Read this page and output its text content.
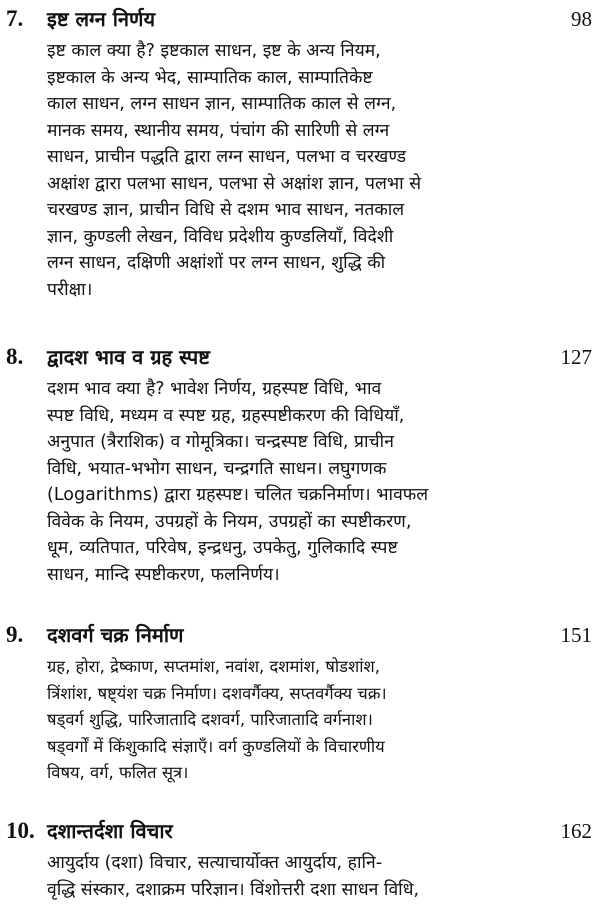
7. इष्ट लग्न निर्णय	98
इष्ट काल क्या है? इष्टकाल साधन, इष्ट के अन्य नियम,
इष्टकाल के अन्य भेद, साम्पातिक काल, साम्पातिकेष्ट
काल साधन, लग्न साधन ज्ञान, साम्पातिक काल से लग्न,
मानक समय, स्थानीय समय, पंचांग की सारिणी से लग्न
साधन, प्राचीन पद्धति द्वारा लग्न साधन, पलभा व चरखण्ड
अक्षांश द्वारा पलभा साधन, पलभा से अक्षांश ज्ञान, पलभा से
चरखण्ड ज्ञान, प्राचीन विधि से दशम भाव साधन, नतकाल
ज्ञान, कुण्डली लेखन, विविध प्रदेशीय कुण्डलियाँ, विदेशी
लग्न साधन, दक्षिणी अक्षांशों पर लग्न साधन, शुद्धि की
परीक्षा।
8. द्वादश भाव व ग्रह स्पष्ट	127
दशम भाव क्या है? भावेश निर्णय, ग्रहस्पष्ट विधि, भाव
स्पष्ट विधि, मध्यम व स्पष्ट ग्रह, ग्रहस्पष्टीकरण की विधियाँ,
अनुपात (त्रैराशिक) व गोमूत्रिका। चन्द्रस्पष्ट विधि, प्राचीन
विधि, भयात-भभोग साधन, चन्द्रगति साधन। लघुगणक
(Logarithms) द्वारा ग्रहस्पष्ट। चलित चक्रनिर्माण। भावफल
विवेक के नियम, उपग्रहों के नियम, उपग्रहों का स्पष्टीकरण,
धूम, व्यतिपात, परिवेष, इन्द्रधनु, उपकेतु, गुलिकादि स्पष्ट
साधन, मान्दि स्पष्टीकरण, फलनिर्णय।
9. दशवर्ग चक्र निर्माण	151
ग्रह, होरा, द्रेष्काण, सप्तमांश, नवांश, दशमांश, षोडशांश,
त्रिंशांश, षष्ट्यंश चक्र निर्माण। दशवर्गैक्य, सप्तवर्गैक्य चक्र।
षड्वर्ग शुद्धि, पारिजातादि दशवर्ग, पारिजातादि वर्गनाश।
षड्वर्गों में किंशुकादि संज्ञाएँ। वर्ग कुण्डलियों के विचारणीय
विषय, वर्ग, फलित सूत्र।
10. दशान्तर्दशा विचार	162
आयुर्दाय (दशा) विचार, सत्याचार्योक्त आयुर्दाय, हानि-
वृद्धि संस्कार, दशाक्रम परिज्ञान। विंशोत्तरी दशा साधन विधि,
